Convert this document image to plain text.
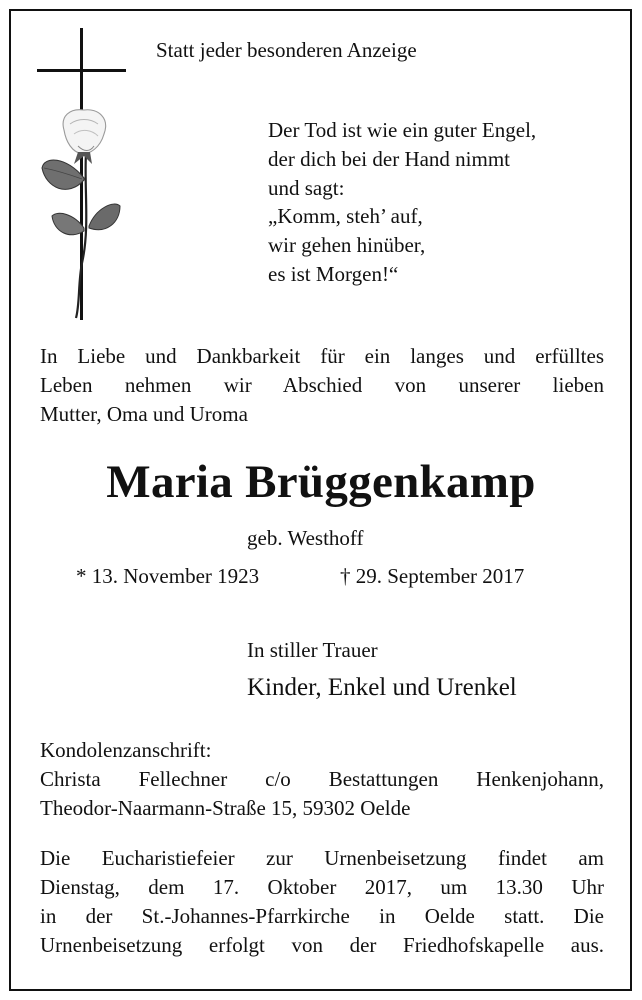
Statt jeder besonderen Anzeige
Der Tod ist wie ein guter Engel,
der dich bei der Hand nimmt
und sagt:
„Komm, steh’ auf,
wir gehen hinüber,
es ist Morgen!“
In Liebe und Dankbarkeit für ein langes und erfülltes
Leben nehmen wir Abschied von unserer lieben
Mutter, Oma und Uroma
Maria Brüggenkamp
geb. Westhoff
* 13. November 1923	† 29. September 2017
In stiller Trauer
Kinder, Enkel und Urenkel
Kondolenzanschrift:
Christa Fellechner c/o Bestattungen Henkenjohann,
Theodor-Naarmann-Straße 15, 59302 Oelde
Die Eucharistiefeier zur Urnenbeisetzung findet am
Dienstag, dem 17. Oktober 2017, um 13.30 Uhr
in der St.-Johannes-Pfarrkirche in Oelde statt. Die
Urnenbeisetzung erfolgt von der Friedhofskapelle aus.
